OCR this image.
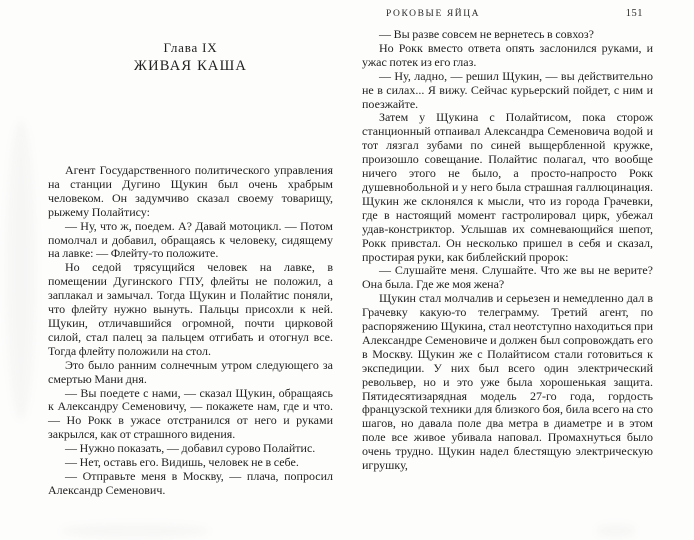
Глава IX
ЖИВАЯ КАША

Агент Государственного политического управления на станции Дугино Щукин был очень храбрым человеком. Он задумчиво сказал своему товарищу, рыжему Полайтису:

— Ну, что ж, поедем. А? Давай мотоцикл. — Потом помолчал и добавил, обращаясь к человеку, сидящему на лавке: — Флейту-то положите.

Но седой трясущийся человек на лавке, в помещении Дугинского ГПУ, флейты не положил, а заплакал и замычал. Тогда Щукин и Полайтис поняли, что флейту нужно вынуть. Пальцы присохли к ней. Щукин, отличавшийся огромной, почти цирковой силой, стал палец за пальцем отгибать и отогнул все. Тогда флейту положили на стол.

Это было ранним солнечным утром следующего за смертью Мани дня.

— Вы поедете с нами, — сказал Щукин, обращаясь к Александру Семеновичу, — покажете нам, где и что. — Но Рокк в ужасе отстранился от него и руками закрылся, как от страшного видения.

— Нужно показать, — добавил сурово Полайтис.

— Нет, оставь его. Видишь, человек не в себе.

— Отправьте меня в Москву, — плача, попросил Александр Семенович.

РОКОВЫЕ ЯЙЦА	151

— Вы разве совсем не вернетесь в совхоз?

Но Рокк вместо ответа опять заслонился руками, и ужас потек из его глаз.

— Ну, ладно, — решил Щукин, — вы действительно не в силах... Я вижу. Сейчас курьерский пойдет, с ним и поезжайте.

Затем у Щукина с Полайтисом, пока сторож станционный отпаивал Александра Семеновича водой и тот лязгал зубами по синей выщербленной кружке, произошло совещание. Полайтис полагал, что вообще ничего этого не было, а просто-напросто Рокк душевнобольной и у него была страшная галлюцинация. Щукин же склонялся к мысли, что из города Грачевки, где в настоящий момент гастролировал цирк, убежал удав-констриктор. Услышав их сомневающийся шепот, Рокк привстал. Он несколько пришел в себя и сказал, простирая руки, как библейский пророк:

— Слушайте меня. Слушайте. Что же вы не верите? Она была. Где же моя жена?

Щукин стал молчалив и серьезен и немедленно дал в Грачевку какую-то телеграмму. Третий агент, по распоряжению Щукина, стал неотступно находиться при Александре Семеновиче и должен был сопровождать его в Москву. Щукин же с Полайтисом стали готовиться к экспедиции. У них был всего один электрический револьвер, но и это уже была хорошенькая защита. Пятидесятизарядная модель 27-го года, гордость французской техники для близкого боя, била всего на сто шагов, но давала поле два метра в диаметре и в этом поле все живое убивала наповал. Промахнуться было очень трудно. Щукин надел блестящую электрическую игрушку,
